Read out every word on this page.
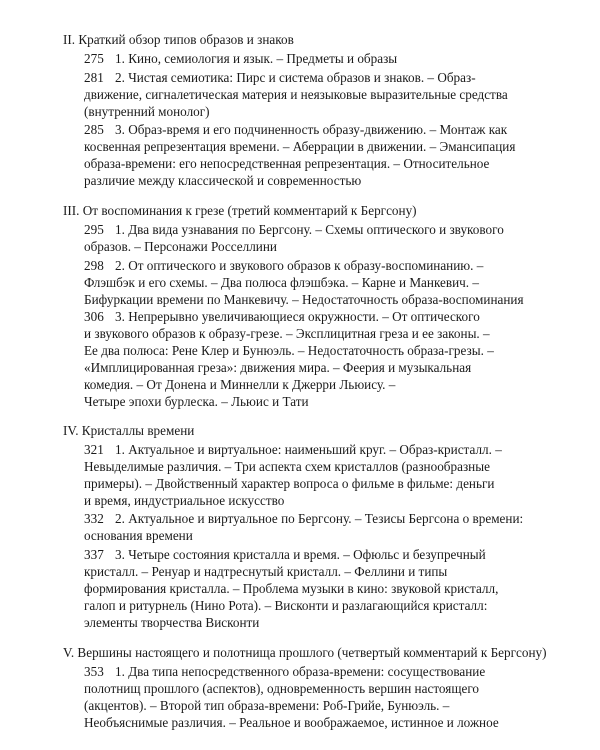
II. Краткий обзор типов образов и знаков
275 1. Кино, семиология и язык. – Предметы и образы
281 2. Чистая семиотика: Пирс и система образов и знаков. – Образ-
движение, сигнaлетическая материя и неязыковые выразительные средства
(внутренний монолог)
285 3. Образ-время и его подчиненность образу-движению. – Монтаж как
косвенная репрезентация времени. – Аберрации в движении. – Эмансипация
образа-времени: его непосредственная репрезентация. – Относительное
различие между классической и современностью
III. От воспоминания к грезе (третий комментарий к Бергсону)
295 1. Два вида узнавания по Бергсону. – Схемы оптического и звукового
образов. – Персонажи Росселлини
298 2. От оптического и звукового образов к образу-воспоминанию. –
Флэшбэк и его схемы. – Два полюса флэшбэка. – Карне и Манкевич. –
Бифуркации времени по Манкевичу. – Недостаточность образа-воспоминания
306 3. Непрерывно увеличивающиеся окружности. – От оптического
и звукового образов к образу-грезе. – Эксплицитная греза и ее законы. –
Ее два полюса: Рене Клер и Бунюэль. – Недостаточность образа-грезы. –
«Имплицированная греза»: движения мира. – Феерия и музыкальная
комедия. – От Донена и Миннелли к Джерри Льюису. –
Четыре эпохи бурлеска. – Льюис и Тати
IV. Кристаллы времени
321 1. Актуальное и виртуальное: наименьший круг. – Образ-кристалл. –
Невыделимые различия. – Три аспекта схем кристаллов (разнообразные
примеры). – Двойственный характер вопроса о фильме в фильме: деньги
и время, индустриальное искусство
332 2. Актуальное и виртуальное по Бергсону. – Тезисы Бергсона о времени:
основания времени
337 3. Четыре состояния кристалла и время. – Офюльс и безупречный
кристалл. – Ренуар и надтреснутый кристалл. – Феллини и типы
формирования кристалла. – Проблема музыки в кино: звуковой кристалл,
галоп и ритурнель (Нино Рота). – Висконти и разлагающийся кристалл:
элементы творчества Висконти
V. Вершины настоящего и полотнища прошлого (четвертый комментарий к Бергсону)
353 1. Два типа непосредственного образа-времени: сосуществование
полотнищ прошлого (аспектов), одновременность вершин настоящего
(акцентов). – Второй тип образа-времени: Роб-Грийе, Бунюэль. –
Необъяснимые различия. – Реальное и воображаемое, истинное и ложное
